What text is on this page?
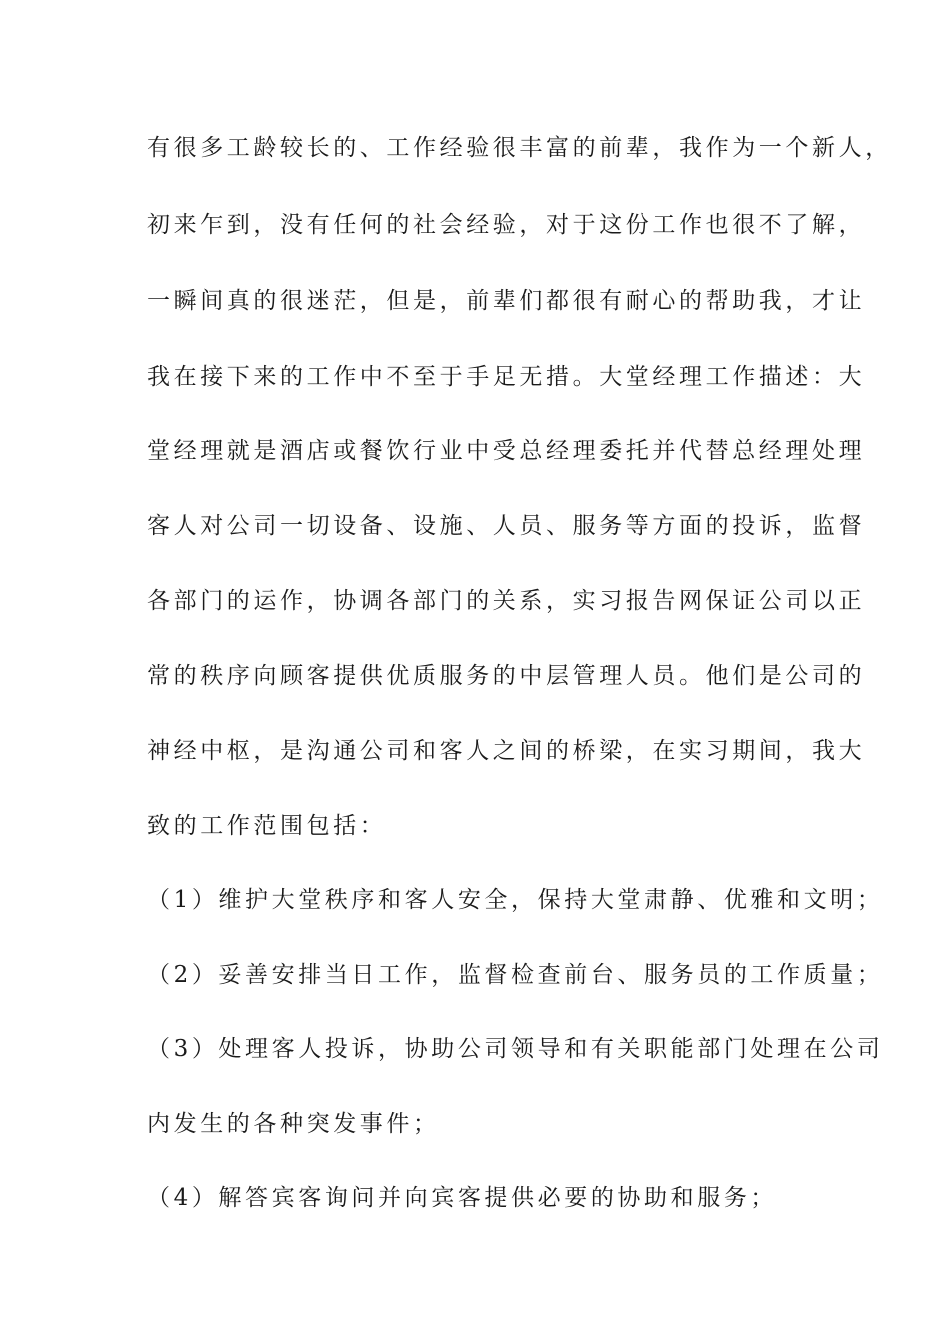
有很多工龄较长的、工作经验很丰富的前辈，我作为一个新人，
初来乍到，没有任何的社会经验，对于这份工作也很不了解，
一瞬间真的很迷茫，但是，前辈们都很有耐心的帮助我，才让
我在接下来的工作中不至于手足无措。大堂经理工作描述：大
堂经理就是酒店或餐饮行业中受总经理委托并代替总经理处理
客人对公司一切设备、设施、人员、服务等方面的投诉，监督
各部门的运作，协调各部门的关系，实习报告网保证公司以正
常的秩序向顾客提供优质服务的中层管理人员。他们是公司的
神经中枢，是沟通公司和客人之间的桥梁，在实习期间，我大
致的工作范围包括：
（1）维护大堂秩序和客人安全，保持大堂肃静、优雅和文明；
（2）妥善安排当日工作，监督检查前台、服务员的工作质量；
（3）处理客人投诉，协助公司领导和有关职能部门处理在公司
内发生的各种突发事件；
（4）解答宾客询问并向宾客提供必要的协助和服务；
